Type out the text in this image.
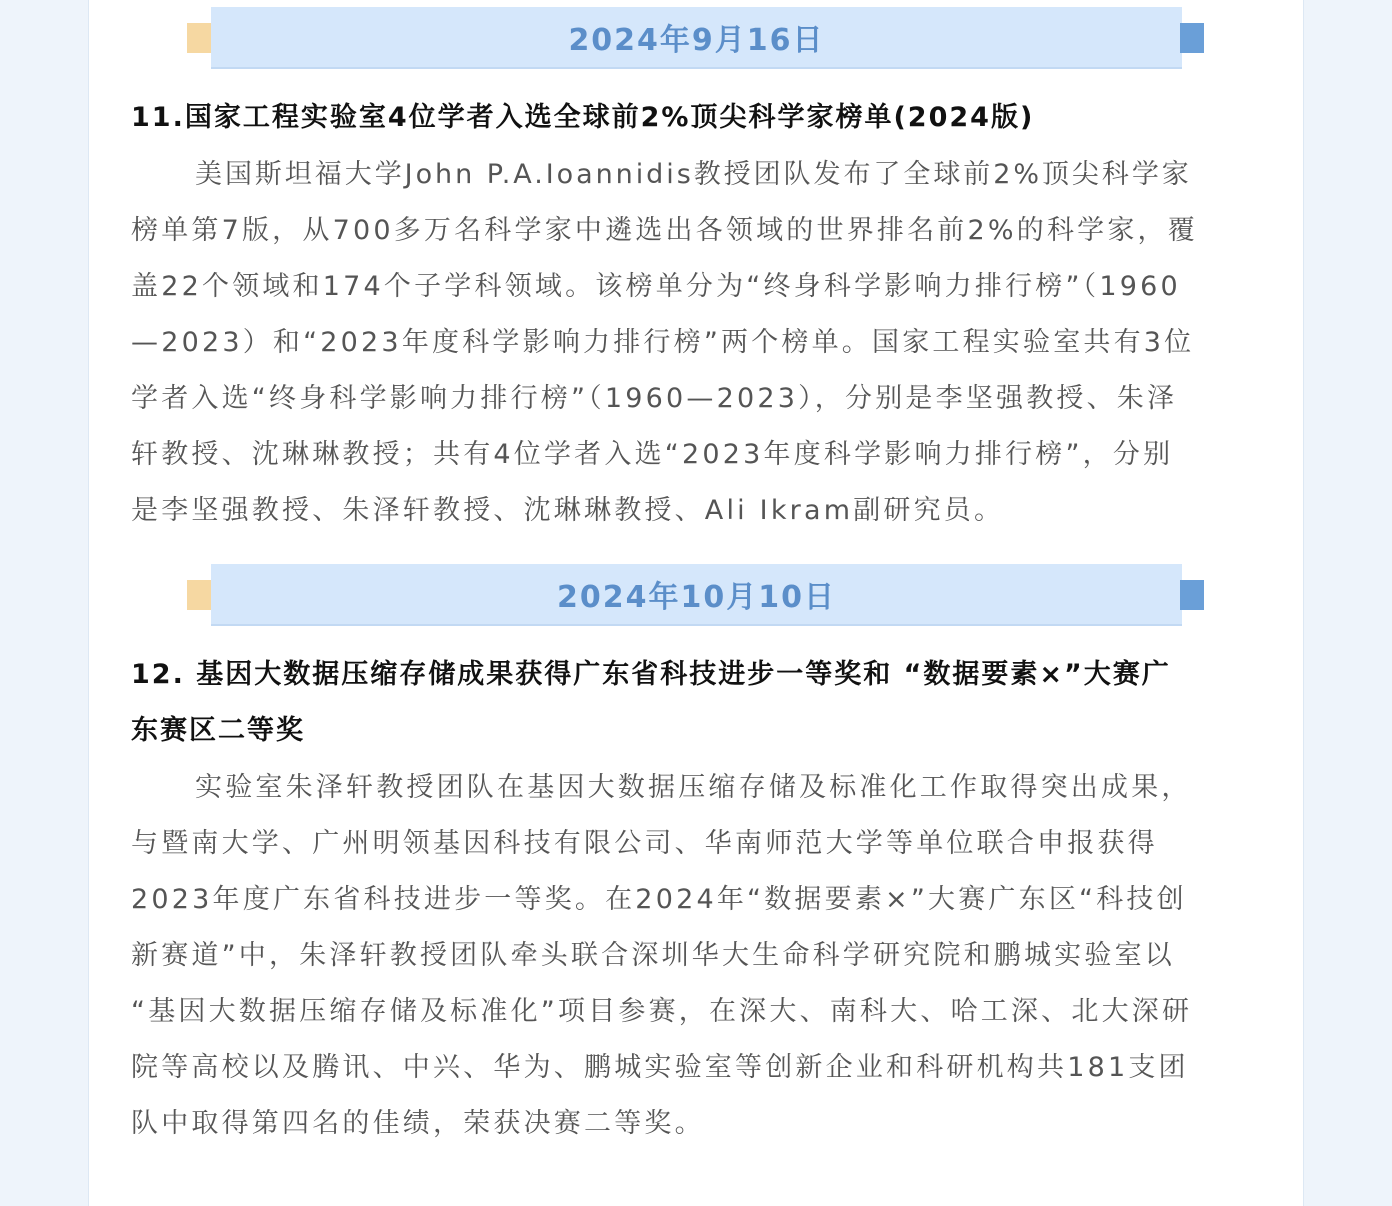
2024年9月16日
11.国家工程实验室4位学者入选全球前2%顶尖科学家榜单(2024版)

美国斯坦福大学John P.A.Ioannidis教授团队发布了全球前2%顶尖科学家
榜单第7版，从700多万名科学家中遴选出各领域的世界排名前2%的科学家，覆
盖22个领域和174个子学科领域。该榜单分为“终身科学影响力排行榜”（1960
—2023）和“2023年度科学影响力排行榜”两个榜单。国家工程实验室共有3位
学者入选“终身科学影响力排行榜”（1960—2023），分别是李坚强教授、朱泽
轩教授、沈琳琳教授；共有4位学者入选“2023年度科学影响力排行榜”，分别
是李坚强教授、朱泽轩教授、沈琳琳教授、Ali Ikram副研究员。

2024年10月10日
12. 基因大数据压缩存储成果获得广东省科技进步一等奖和 “数据要素×”大赛广
东赛区二等奖

实验室朱泽轩教授团队在基因大数据压缩存储及标准化工作取得突出成果，
与暨南大学、广州明领基因科技有限公司、华南师范大学等单位联合申报获得
2023年度广东省科技进步一等奖。在2024年“数据要素×”大赛广东区“科技创
新赛道”中，朱泽轩教授团队牵头联合深圳华大生命科学研究院和鹏城实验室以
“基因大数据压缩存储及标准化”项目参赛，在深大、南科大、哈工深、北大深研
院等高校以及腾讯、中兴、华为、鹏城实验室等创新企业和科研机构共181支团
队中取得第四名的佳绩，荣获决赛二等奖。
